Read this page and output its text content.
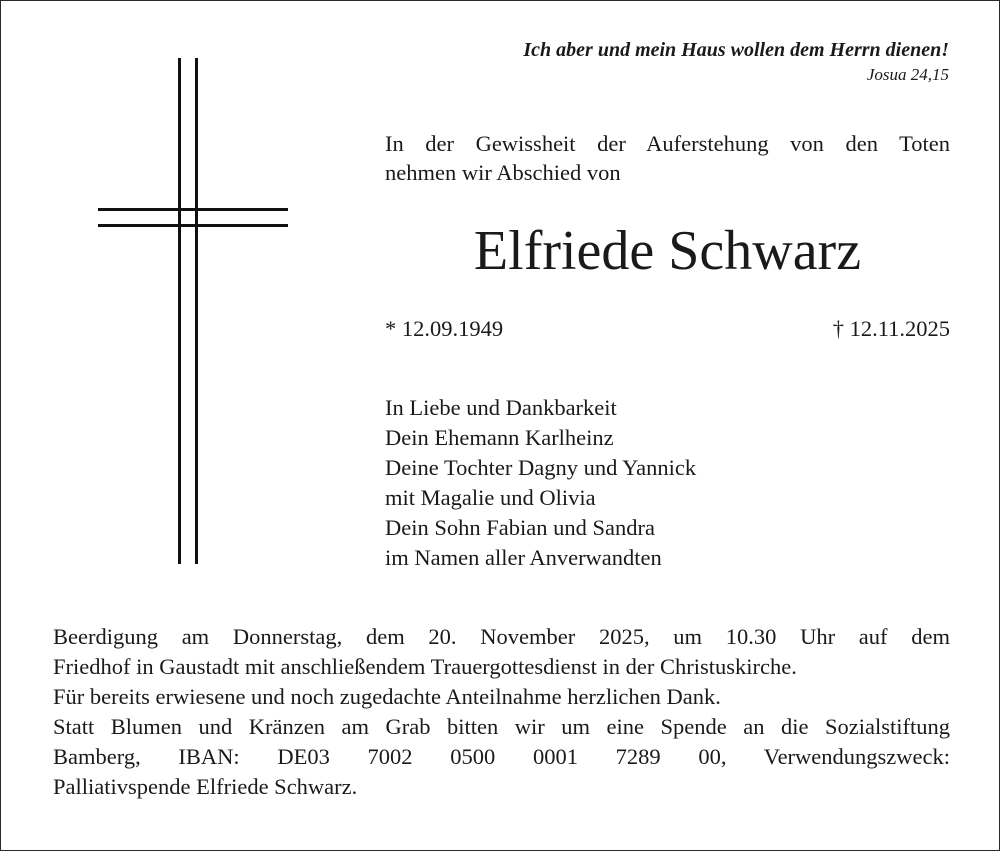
Ich aber und mein Haus wollen dem Herrn dienen!

Josua 24,15

In der Gewissheit der Auferstehung von den Toten
nehmen wir Abschied von

Elfriede Schwarz
* 12.09.1949	† 12.11.2025
In Liebe und Dankbarkeit
Dein Ehemann Karlheinz
Deine Tochter Dagny und Yannick
mit Magalie und Olivia
Dein Sohn Fabian und Sandra
im Namen aller Anverwandten
Beerdigung am Donnerstag, dem 20. November 2025, um 10.30 Uhr auf dem
Friedhof in Gaustadt mit anschließendem Trauergottesdienst in der Christuskirche.
Für bereits erwiesene und noch zugedachte Anteilnahme herzlichen Dank.
Statt Blumen und Kränzen am Grab bitten wir um eine Spende an die Sozialstiftung
Bamberg, IBAN: DE03 7002 0500 0001 7289 00, Verwendungszweck:
Palliativspende Elfriede Schwarz.
